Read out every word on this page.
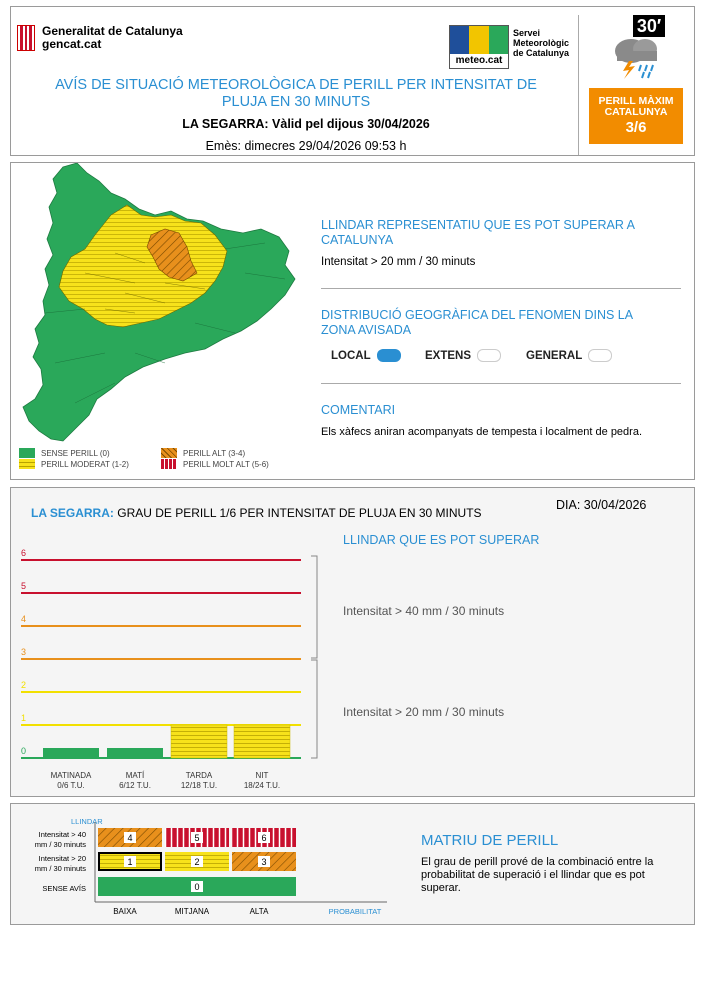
Generalitat de Catalunya
gencat.cat
meteo.cat
Servei
Meteorològic
de Catalunya
AVÍS DE SITUACIÓ METEOROLÒGICA DE PERILL PER INTENSITAT DE PLUJA EN 30 MINUTS
LA SEGARRA: Vàlid pel dijous 30/04/2026
Emès: dimecres 29/04/2026 09:53 h
30′
PERILL MÀXIM
CATALUNYA
3/6
SENSE PERILL (0)
PERILL MODERAT (1-2)
PERILL ALT (3-4)
PERILL MOLT ALT (5-6)
LLINDAR REPRESENTATIU QUE ES POT SUPERAR A CATALUNYA
Intensitat > 20 mm / 30 minuts
DISTRIBUCIÓ GEOGRÀFICA DEL FENOMEN DINS LA ZONA AVISADA
LOCAL	EXTENS	GENERAL
COMENTARI
Els xàfecs aniran acompanyats de tempesta i localment de pedra.
LA SEGARRA: GRAU DE PERILL 1/6 PER INTENSITAT DE PLUJA EN 30 MINUTS
DIA: 30/04/2026
LLINDAR QUE ES POT SUPERAR
0
1
2
3
4
5
6
MATINADA
0/6 T.U.
MATÍ
6/12 T.U.
TARDA
12/18 T.U.
NIT
18/24 T.U.
Intensitat > 40 mm / 30 minuts
Intensitat > 20 mm / 30 minuts
LLINDAR
Intensitat > 40
mm / 30 minuts
Intensitat > 20
mm / 30 minuts
SENSE AVÍS
4	5	6
1	2	3
0
BAIXA	MITJANA	ALTA	PROBABILITAT
MATRIU DE PERILL
El grau de perill prové de la combinació entre la probabilitat de superació i el llindar que es pot superar.
